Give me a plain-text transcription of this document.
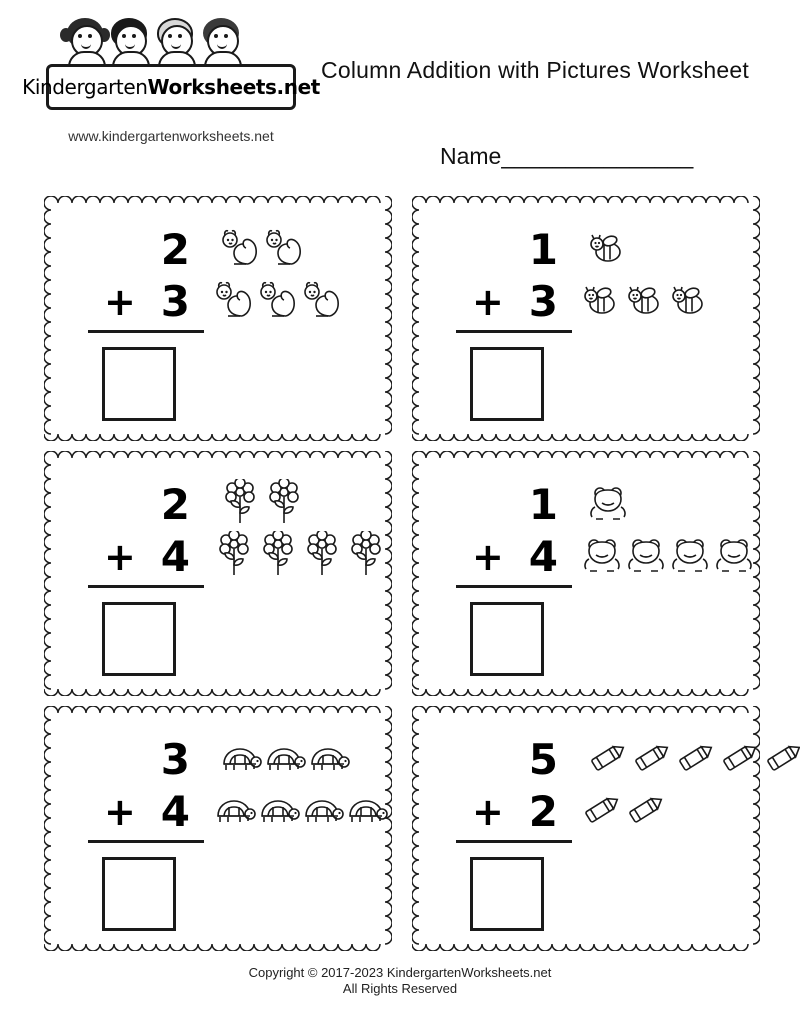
KindergartenWorksheets.net
www.kindergartenworksheets.net
Column Addition with Pictures Worksheet
Name_______________
2
+ 3
1
+ 3
2
+ 4
1
+ 4
3
+ 4
5
+ 2
Copyright © 2017-2023 KindergartenWorksheets.net
All Rights Reserved
